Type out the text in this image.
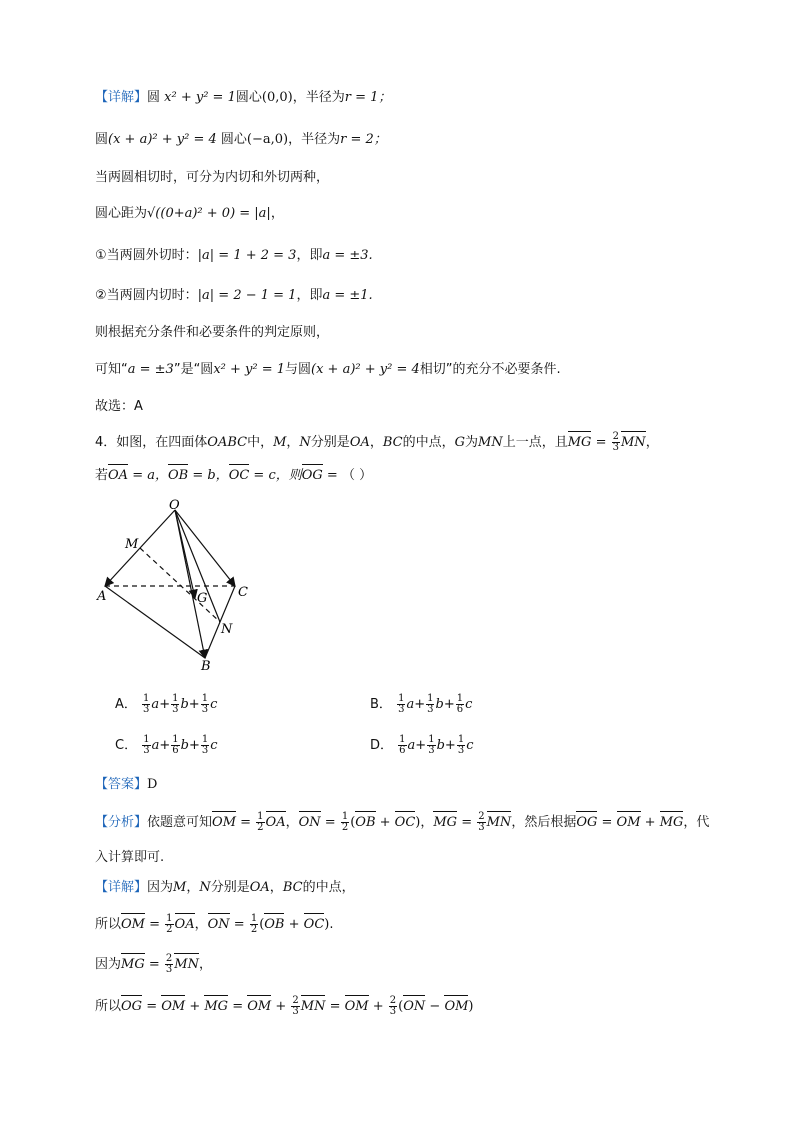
【详解】圆 x² + y² = 1圆心(0,0)，半径为r = 1；
圆(x + a)² + y² = 4 圆心(−a,0)，半径为r = 2；
当两圆相切时，可分为内切和外切两种，
圆心距为√((0+a)² + 0) = |a|，
①当两圆外切时：|a| = 1 + 2 = 3，即a = ±3.
②当两圆内切时：|a| = 2 − 1 = 1，即a = ±1.
则根据充分条件和必要条件的判定原则，
可知“a = ±3”是“圆x² + y² = 1与圆(x + a)² + y² = 4相切”的充分不必要条件.
故选：A
4．如图，在四面体OABC中，M，N分别是OA，BC的中点，G为MN上一点，且MG = $\frac{2}{3}$ MN，
若OA = a，OB = b，OC = c，则OG = （ ）
O
M
A	G C
N
B
A． $\frac{1}{3} a+ \frac{1}{3} b+ \frac{1}{3}$ c	B． $\frac{1}{3} a+ \frac{1}{3} b+ \frac{1}{6}$ c
C． $\frac{1}{3} a+ \frac{1}{6} b+ \frac{1}{3}$ c	D． $\frac{1}{6} a+ \frac{1}{3} b+ \frac{1}{3}$ c
【答案】D
【分析】依题意可知OM = $\frac{1}{2}$ OA，ON = $\frac{1}{2} (OB + OC)$，MG = $\frac{2}{3}$ MN，然后根据OG = OM + MG，代
入计算即可.
【详解】因为M，N分别是OA，BC的中点，
所以OM = $\frac{1}{2}$ OA，ON = $\frac{1}{2} (OB + OC)$.
因为MG = $\frac{2}{3}$ MN，
所以OG = OM + MG = OM + $\frac{2}{3}$ MN = OM + $\frac{2}{3} (ON - OM)$
